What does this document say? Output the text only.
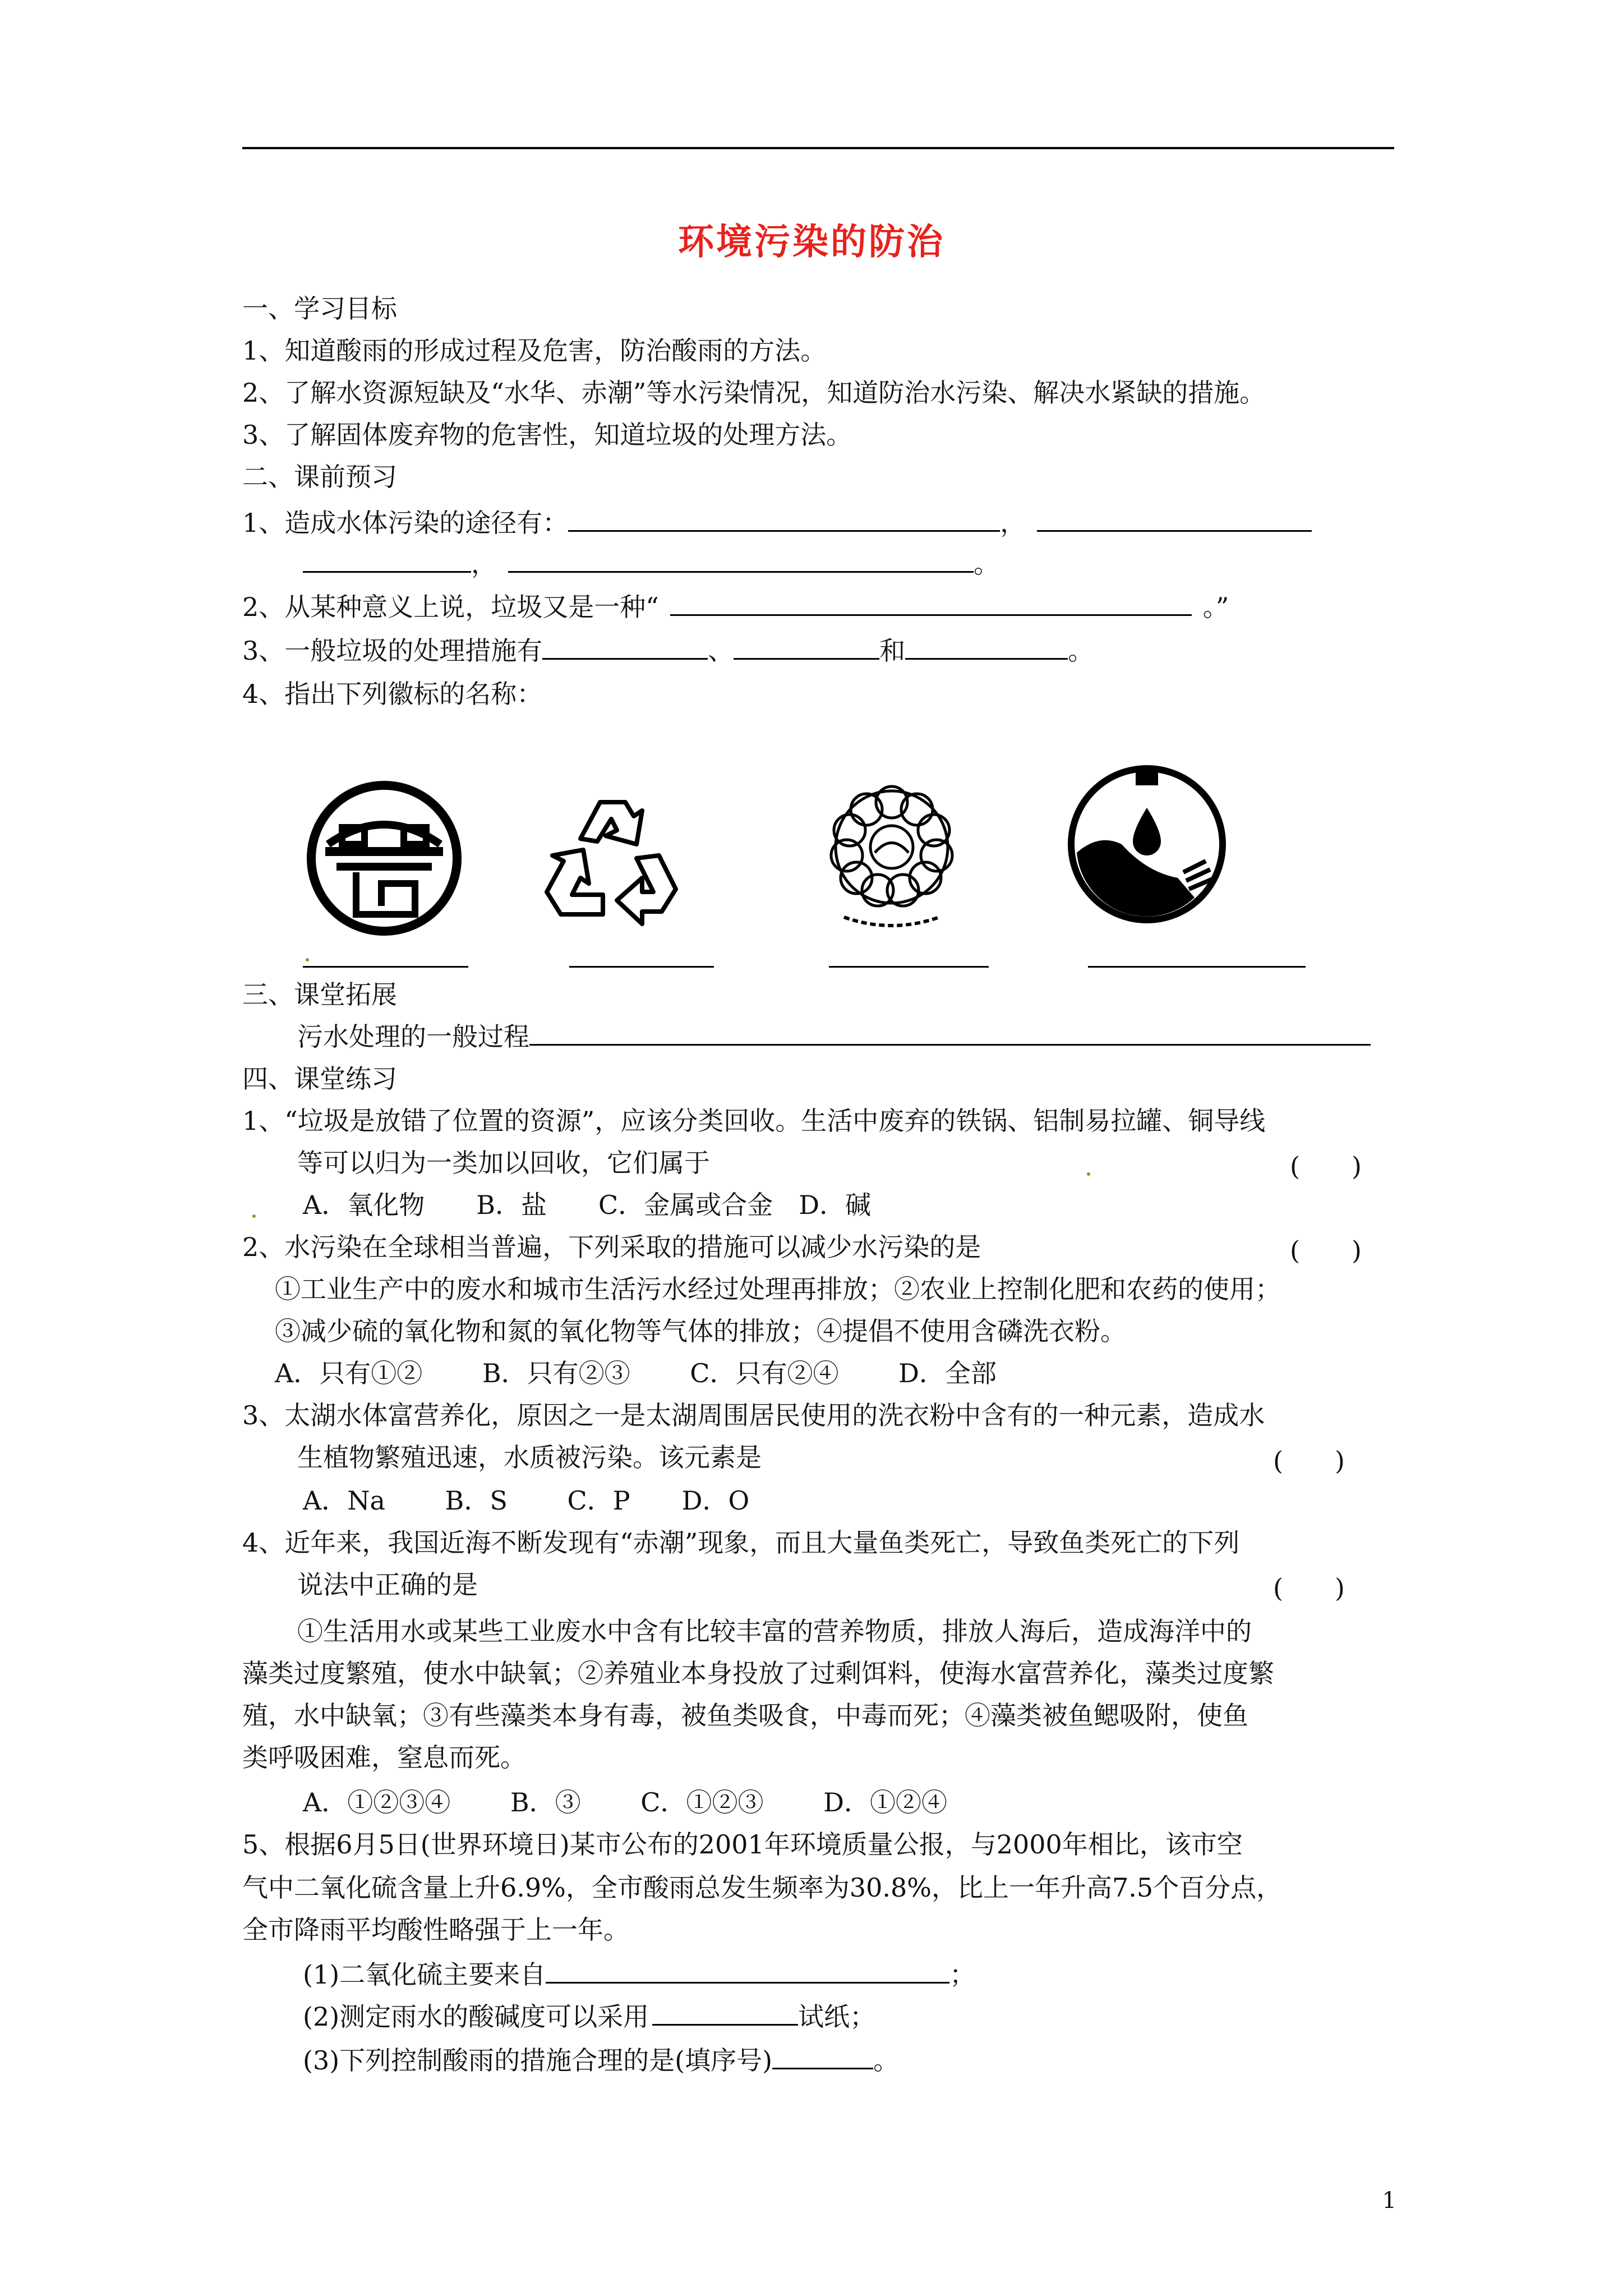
环境污染的防治
一、学习目标
1、知道酸雨的形成过程及危害，防治酸雨的方法。
2、了解水资源短缺及“水华、赤潮”等水污染情况，知道防治水污染、解决水紧缺的措施。
3、了解固体废弃物的危害性，知道垃圾的处理方法。
二、课前预习
1、造成水体污染的途径有：	，
，	。
2、从某种意义上说，垃圾又是一种“	。”
3、一般垃圾的处理措施有	、	和	。
4、指出下列徽标的名称：
三、课堂拓展
污水处理的一般过程
四、课堂练习
1、“垃圾是放错了位置的资源”，应该分类回收。生活中废弃的铁锅、铝制易拉罐、铜导线
等可以归为一类加以回收，它们属于	(　　)
A．氧化物　　B．盐　　C．金属或合金　D．碱
2、水污染在全球相当普遍，下列采取的措施可以减少水污染的是	(　　)
①工业生产中的废水和城市生活污水经过处理再排放；②农业上控制化肥和农药的使用；
③减少硫的氧化物和氮的氧化物等气体的排放；④提倡不使用含磷洗衣粉。
A．只有①②　　 B．只有②③　　 C．只有②④　　 D．全部
3、太湖水体富营养化，原因之一是太湖周围居民使用的洗衣粉中含有的一种元素，造成水
生植物繁殖迅速，水质被污染。该元素是	(　　)
A．Na　　 B．S　　 C．P　　D．O
4、近年来，我国近海不断发现有“赤潮”现象，而且大量鱼类死亡，导致鱼类死亡的下列
说法中正确的是	(　　)
①生活用水或某些工业废水中含有比较丰富的营养物质，排放人海后，造成海洋中的
藻类过度繁殖，使水中缺氧；②养殖业本身投放了过剩饵料，使海水富营养化，藻类过度繁
殖，水中缺氧；③有些藻类本身有毒，被鱼类吸食，中毒而死；④藻类被鱼鳃吸附，使鱼
类呼吸困难，窒息而死。
A．①②③④　　 B．③　　 C．①②③　　 D．①②④
5、根据6月5日(世界环境日)某市公布的2001年环境质量公报，与2000年相比，该市空
气中二氧化硫含量上升6.9%，全市酸雨总发生频率为30.8%，比上一年升高7.5个百分点，
全市降雨平均酸性略强于上一年。
(1)二氧化硫主要来自	；
(2)测定雨水的酸碱度可以采用	试纸；
(3)下列控制酸雨的措施合理的是(填序号)	。
1
